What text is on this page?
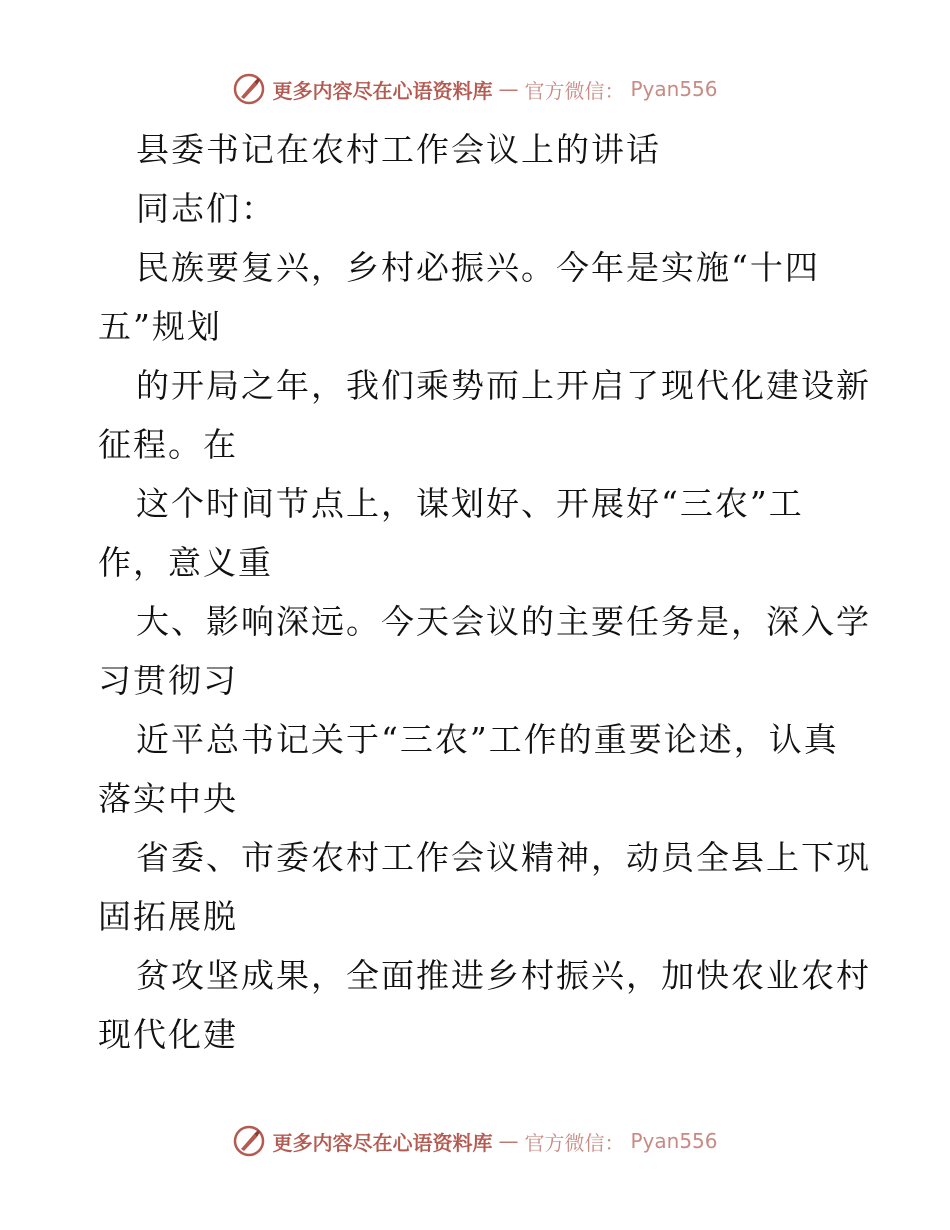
更多内容尽在心语资料库 — 官方微信： Pyan556
县委书记在农村工作会议上的讲话
同志们：
民族要复兴，乡村必振兴。今年是实施“十四
五”规划
的开局之年，我们乘势而上开启了现代化建设新
征程。在
这个时间节点上，谋划好、开展好“三农”工
作，意义重
大、影响深远。今天会议的主要任务是，深入学
习贯彻习
近平总书记关于“三农”工作的重要论述，认真
落实中央
省委、市委农村工作会议精神，动员全县上下巩
固拓展脱
贫攻坚成果，全面推进乡村振兴，加快农业农村
现代化建
更多内容尽在心语资料库 — 官方微信： Pyan556
